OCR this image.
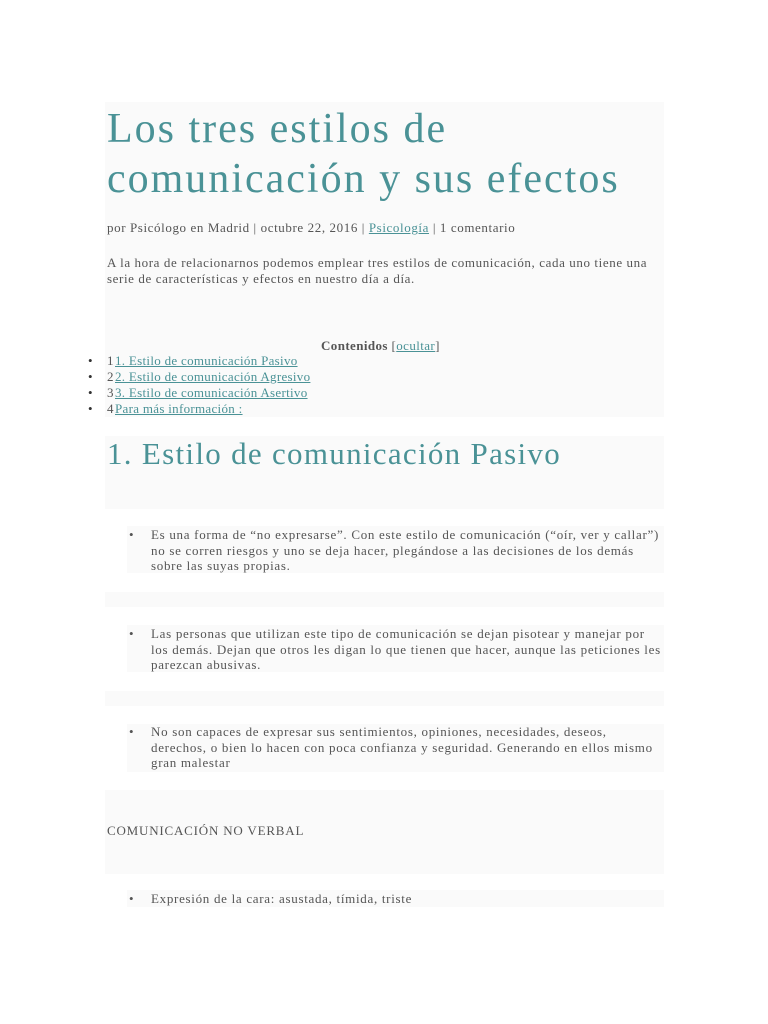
Los tres estilos de comunicación y sus efectos
por Psicólogo en Madrid | octubre 22, 2016 | Psicología | 1 comentario
A la hora de relacionarnos podemos emplear tres estilos de comunicación, cada uno tiene una serie de características y efectos en nuestro día a día.
Contenidos [ocultar]
• 1 1. Estilo de comunicación Pasivo
• 2 2. Estilo de comunicación Agresivo
• 3 3. Estilo de comunicación Asertivo
• 4 Para más información :
1. Estilo de comunicación Pasivo
• Es una forma de “no expresarse”. Con este estilo de comunicación (“oír, ver y callar”) no se corren riesgos y uno se deja hacer, plegándose a las decisiones de los demás sobre las suyas propias.
• Las personas que utilizan este tipo de comunicación se dejan pisotear y manejar por los demás. Dejan que otros les digan lo que tienen que hacer, aunque las peticiones les parezcan abusivas.
• No son capaces de expresar sus sentimientos, opiniones, necesidades, deseos, derechos, o bien lo hacen con poca confianza y seguridad. Generando en ellos mismo gran malestar
COMUNICACIÓN NO VERBAL
• Expresión de la cara: asustada, tímida, triste
